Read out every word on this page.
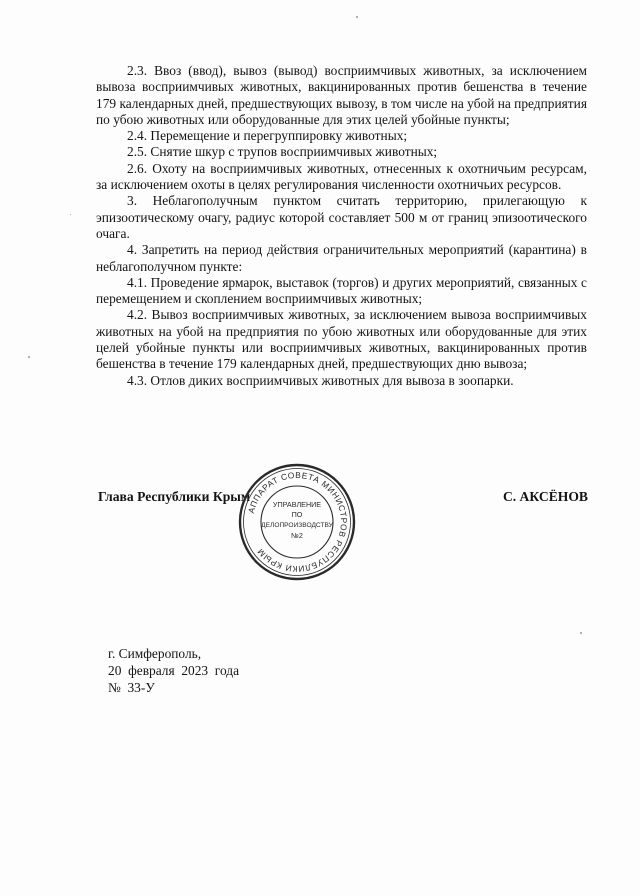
2.3. Ввоз (ввод), вывоз (вывод) восприимчивых животных, за исключением вывоза восприимчивых животных, вакцинированных против бешенства в течение 179 календарных дней, предшествующих вывозу, в том числе на убой на предприятия по убою животных или оборудованные для этих целей убойные пункты;

2.4. Перемещение и перегруппировку животных;

2.5. Снятие шкур с трупов восприимчивых животных;

2.6. Охоту на восприимчивых животных, отнесенных к охотничьим ресурсам, за исключением охоты в целях регулирования численности охотничьих ресурсов.

3. Неблагополучным пунктом считать территорию, прилегающую к эпизоотическому очагу, радиус которой составляет 500 м от границ эпизоотического очага.

4. Запретить на период действия ограничительных мероприятий (карантина) в неблагополучном пункте:

4.1. Проведение ярмарок, выставок (торгов) и других мероприятий, связанных с перемещением и скоплением восприимчивых животных;

4.2. Вывоз восприимчивых животных, за исключением вывоза восприимчивых животных на убой на предприятия по убою животных или оборудованные для этих целей убойные пункты или восприимчивых животных, вакцинированных против бешенства в течение 179 календарных дней, предшествующих дню вывоза;

4.3. Отлов диких восприимчивых животных для вывоза в зоопарки.

Глава Республики Крым	С. АКСЁНОВ
АППАРАТ СОВЕТА МИНИСТРОВ РЕСПУБЛИКИ КРЫМ
УПРАВЛЕНИЕ
ПО
ДЕЛОПРОИЗВОДСТВУ
№2
г. Симферополь,
20  февраля  2023  года
№  33-У
